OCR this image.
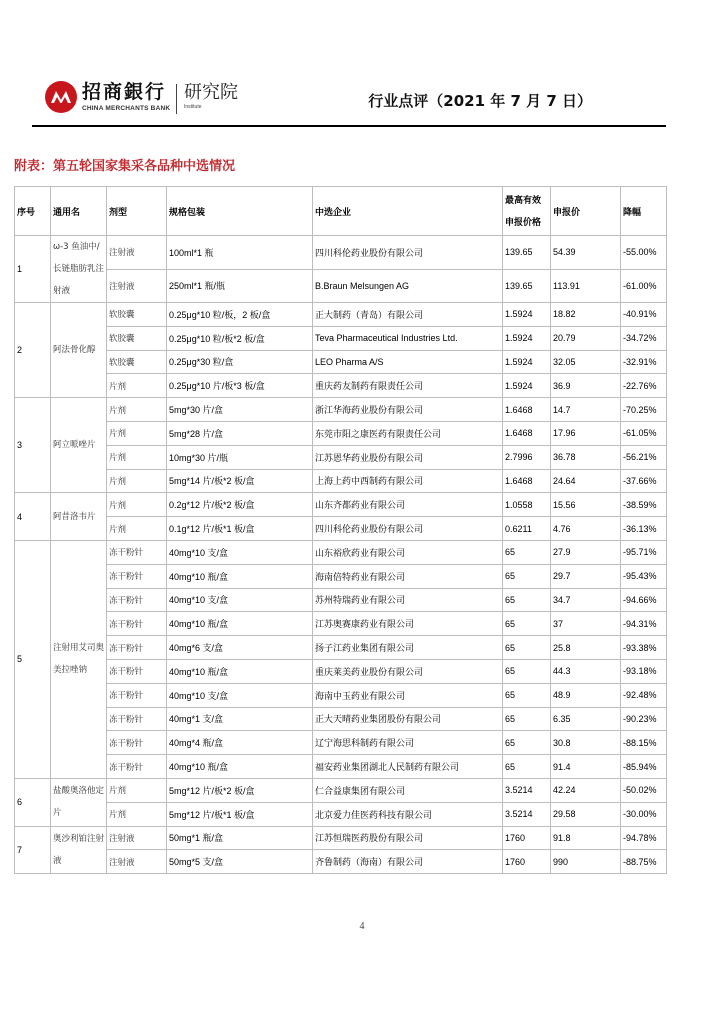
招商銀行
CHINA MERCHANTS BANK
研究院
Institute	行业点评（2021 年 7 月 7 日）
附表：第五轮国家集采各品种中选情况
序号	通用名	剂型	规格包装	中选企业	最高有效申报价格	申报价	降幅
1	ω-3 鱼油中/长链脂肪乳注射液	注射液	100ml*1 瓶	四川科伦药业股份有限公司	139.65	54.39	-55.00%
		注射液	250ml*1 瓶/瓶	B.Braun Melsungen AG	139.65	113.91	-61.00%
2	阿法骨化醇	软胶囊	0.25μg*10 粒/板，2 板/盒	正大制药（青岛）有限公司	1.5924	18.82	-40.91%
		软胶囊	0.25μg*10 粒/板*2 板/盒	Teva Pharmaceutical Industries Ltd.	1.5924	20.79	-34.72%
		软胶囊	0.25μg*30 粒/盒	LEO Pharma A/S	1.5924	32.05	-32.91%
		片剂	0.25μg*10 片/板*3 板/盒	重庆药友制药有限责任公司	1.5924	36.9	-22.76%
3	阿立哌唑片	片剂	5mg*30 片/盒	浙江华海药业股份有限公司	1.6468	14.7	-70.25%
		片剂	5mg*28 片/盒	东莞市阳之康医药有限责任公司	1.6468	17.96	-61.05%
		片剂	10mg*30 片/瓶	江苏恩华药业股份有限公司	2.7996	36.78	-56.21%
		片剂	5mg*14 片/板*2 板/盒	上海上药中西制药有限公司	1.6468	24.64	-37.66%
4	阿昔洛韦片	片剂	0.2g*12 片/板*2 板/盒	山东齐都药业有限公司	1.0558	15.56	-38.59%
		片剂	0.1g*12 片/板*1 板/盒	四川科伦药业股份有限公司	0.6211	4.76	-36.13%
5	注射用艾司奥美拉唑钠	冻干粉针	40mg*10 支/盒	山东裕欣药业有限公司	65	27.9	-95.71%
		冻干粉针	40mg*10 瓶/盒	海南倍特药业有限公司	65	29.7	-95.43%
		冻干粉针	40mg*10 支/盒	苏州特瑞药业有限公司	65	34.7	-94.66%
		冻干粉针	40mg*10 瓶/盒	江苏奥赛康药业有限公司	65	37	-94.31%
		冻干粉针	40mg*6 支/盒	扬子江药业集团有限公司	65	25.8	-93.38%
		冻干粉针	40mg*10 瓶/盒	重庆莱美药业股份有限公司	65	44.3	-93.18%
		冻干粉针	40mg*10 支/盒	海南中玉药业有限公司	65	48.9	-92.48%
		冻干粉针	40mg*1 支/盒	正大天晴药业集团股份有限公司	65	6.35	-90.23%
		冻干粉针	40mg*4 瓶/盒	辽宁海思科制药有限公司	65	30.8	-88.15%
		冻干粉针	40mg*10 瓶/盒	福安药业集团湖北人民制药有限公司	65	91.4	-85.94%
6	盐酸奥洛他定片	片剂	5mg*12 片/板*2 板/盒	仁合益康集团有限公司	3.5214	42.24	-50.02%
		片剂	5mg*12 片/板*1 板/盒	北京爱力佳医药科技有限公司	3.5214	29.58	-30.00%
7	奥沙利铂注射液	注射液	50mg*1 瓶/盒	江苏恒瑞医药股份有限公司	1760	91.8	-94.78%
		注射液	50mg*5 支/盒	齐鲁制药（海南）有限公司	1760	990	-88.75%
4
